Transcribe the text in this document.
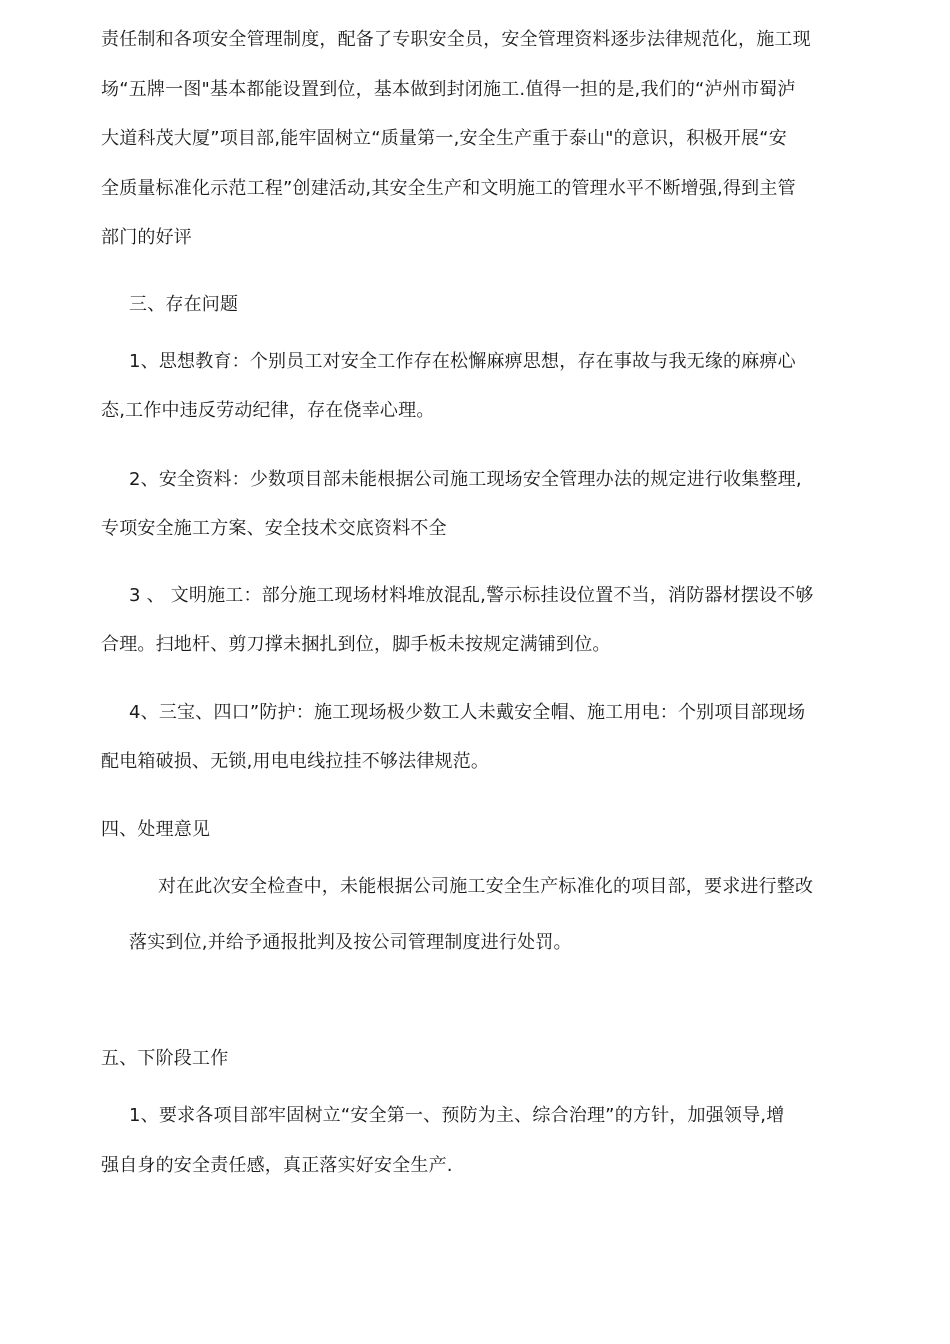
责任制和各项安全管理制度，配备了专职安全员，安全管理资料逐步法律规范化，施工现
场“五牌一图"基本都能设置到位，基本做到封闭施工.值得一担的是,我们的“泸州市蜀泸
大道科茂大厦”项目部,能牢固树立“质量第一,安全生产重于泰山"的意识，积极开展“安
全质量标准化示范工程”创建活动,其安全生产和文明施工的管理水平不断增强,得到主管
部门的好评
三、存在问题
1、思想教育：个别员工对安全工作存在松懈麻痹思想，存在事故与我无缘的麻痹心
态,工作中违反劳动纪律，存在侥幸心理。
2、安全资料：少数项目部未能根据公司施工现场安全管理办法的规定进行收集整理,
专项安全施工方案、安全技术交底资料不全
3 、 文明施工：部分施工现场材料堆放混乱,警示标挂设位置不当，消防器材摆设不够
合理。扫地杆、剪刀撑未捆扎到位，脚手板未按规定满铺到位。
4、三宝、四口”防护：施工现场极少数工人未戴安全帽、施工用电：个别项目部现场
配电箱破损、无锁,用电电线拉挂不够法律规范。
四、处理意见
对在此次安全检查中，未能根据公司施工安全生产标准化的项目部，要求进行整改
落实到位,并给予通报批判及按公司管理制度进行处罚。
五、下阶段工作
1、要求各项目部牢固树立“安全第一、预防为主、综合治理”的方针，加强领导,增
强自身的安全责任感，真正落实好安全生产.
